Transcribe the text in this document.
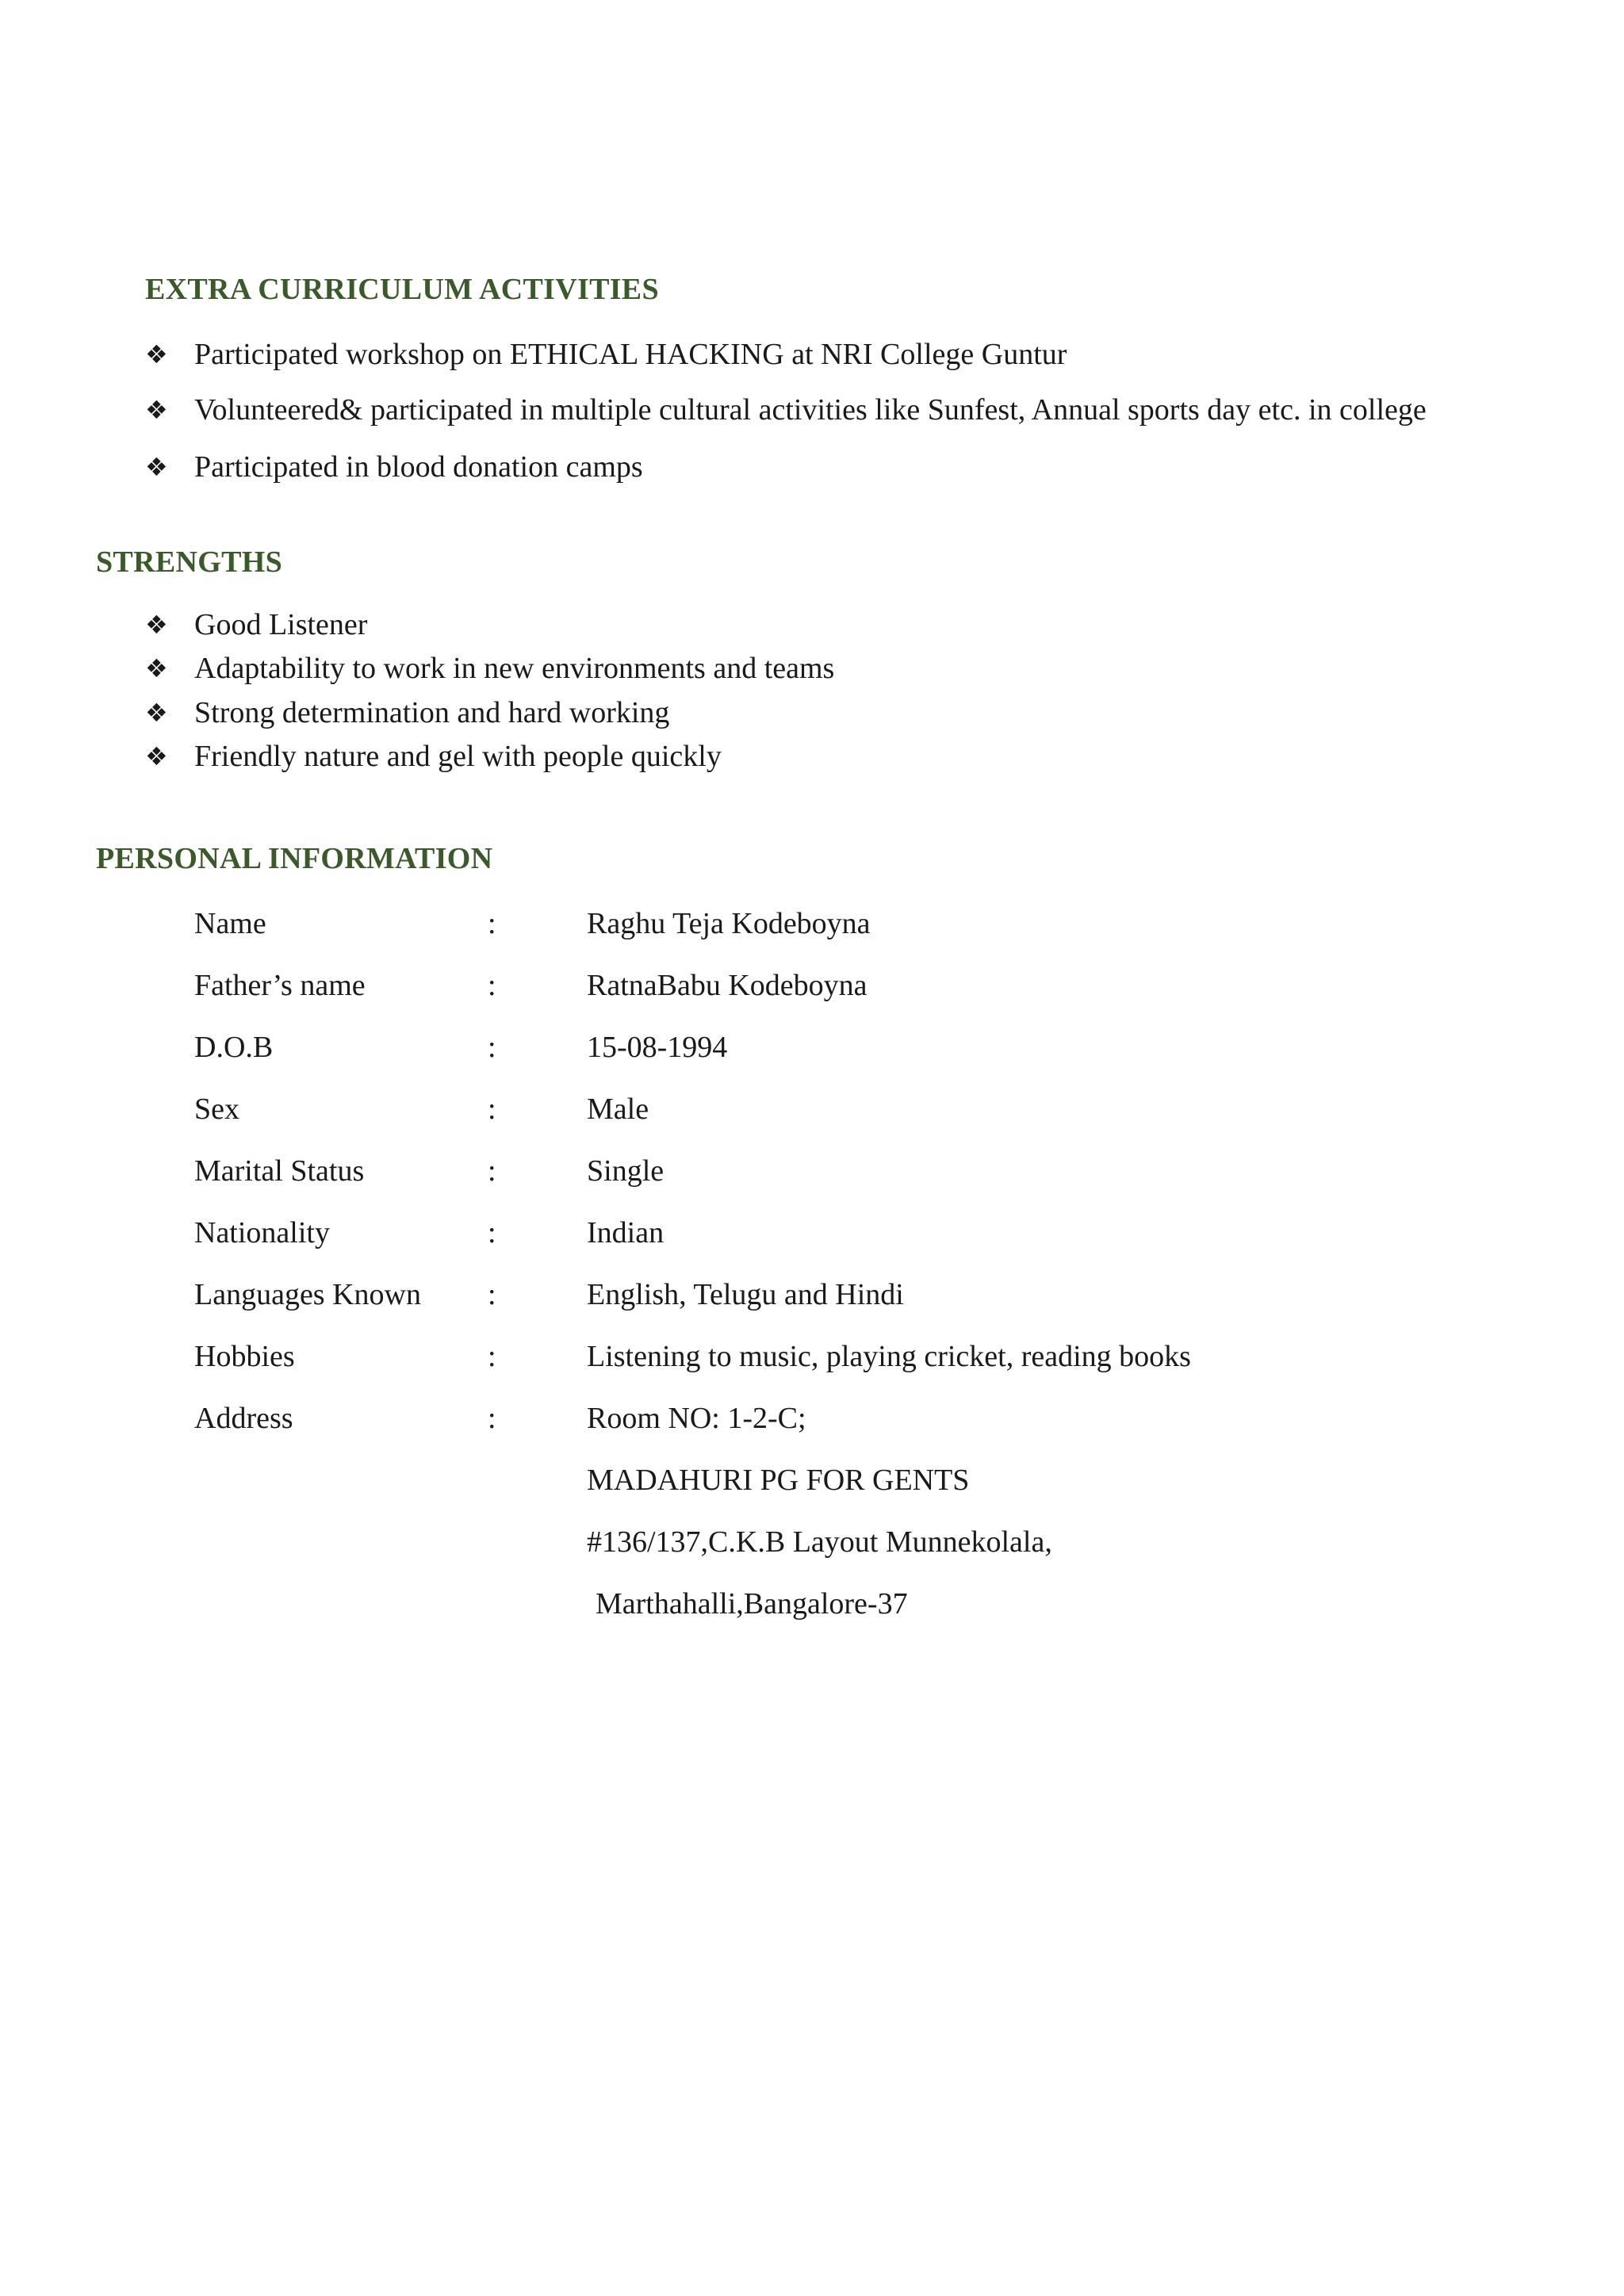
EXTRA CURRICULUM ACTIVITIES
❖ Participated workshop on ETHICAL HACKING at NRI College Guntur
❖ Volunteered& participated in multiple cultural activities like Sunfest, Annual sports day etc. in college
❖ Participated in blood donation camps
STRENGTHS
❖ Good Listener
❖ Adaptability to work in new environments and teams
❖ Strong determination and hard working
❖ Friendly nature and gel with people quickly
PERSONAL INFORMATION
Name	:	Raghu Teja Kodeboyna
Father’s name	:	RatnaBabu Kodeboyna
D.O.B	:	15-08-1994
Sex	:	Male
Marital Status	:	Single
Nationality	:	Indian
Languages Known :	English, Telugu and Hindi
Hobbies	:	Listening to music, playing cricket, reading books
Address	:	Room NO: 1-2-C;
MADAHURI PG FOR GENTS
#136/137,C.K.B Layout Munnekolala,
Marthahalli,Bangalore-37
